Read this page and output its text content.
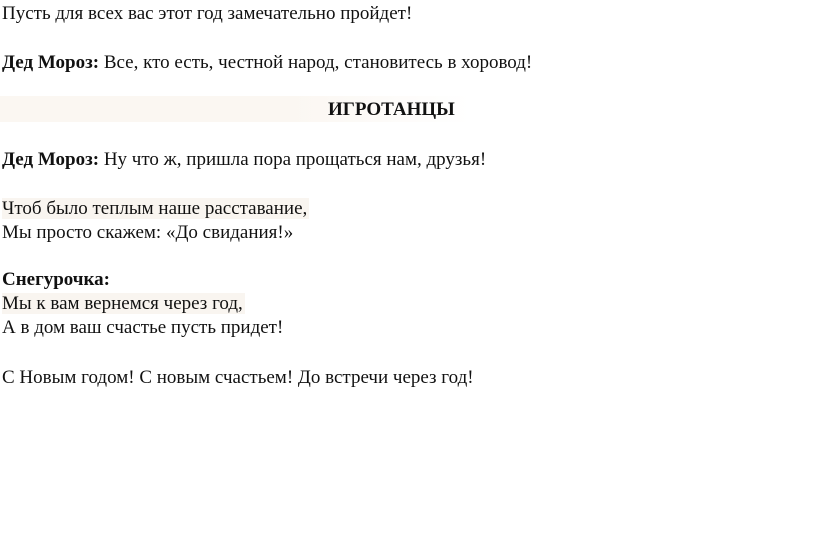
Пусть для всех вас этот год замечательно пройдет!
Дед Мороз: Все, кто есть, честной народ, становитесь в хоровод!
ИГРОТАНЦЫ
Дед Мороз: Ну что ж, пришла пора прощаться нам, друзья!
Чтоб было теплым наше расставание,
Мы просто скажем: «До свидания!»
Снегурочка:
Мы к вам вернемся через год,
А в дом ваш счастье пусть придет!
С Новым годом! С новым счастьем! До встречи через год!
